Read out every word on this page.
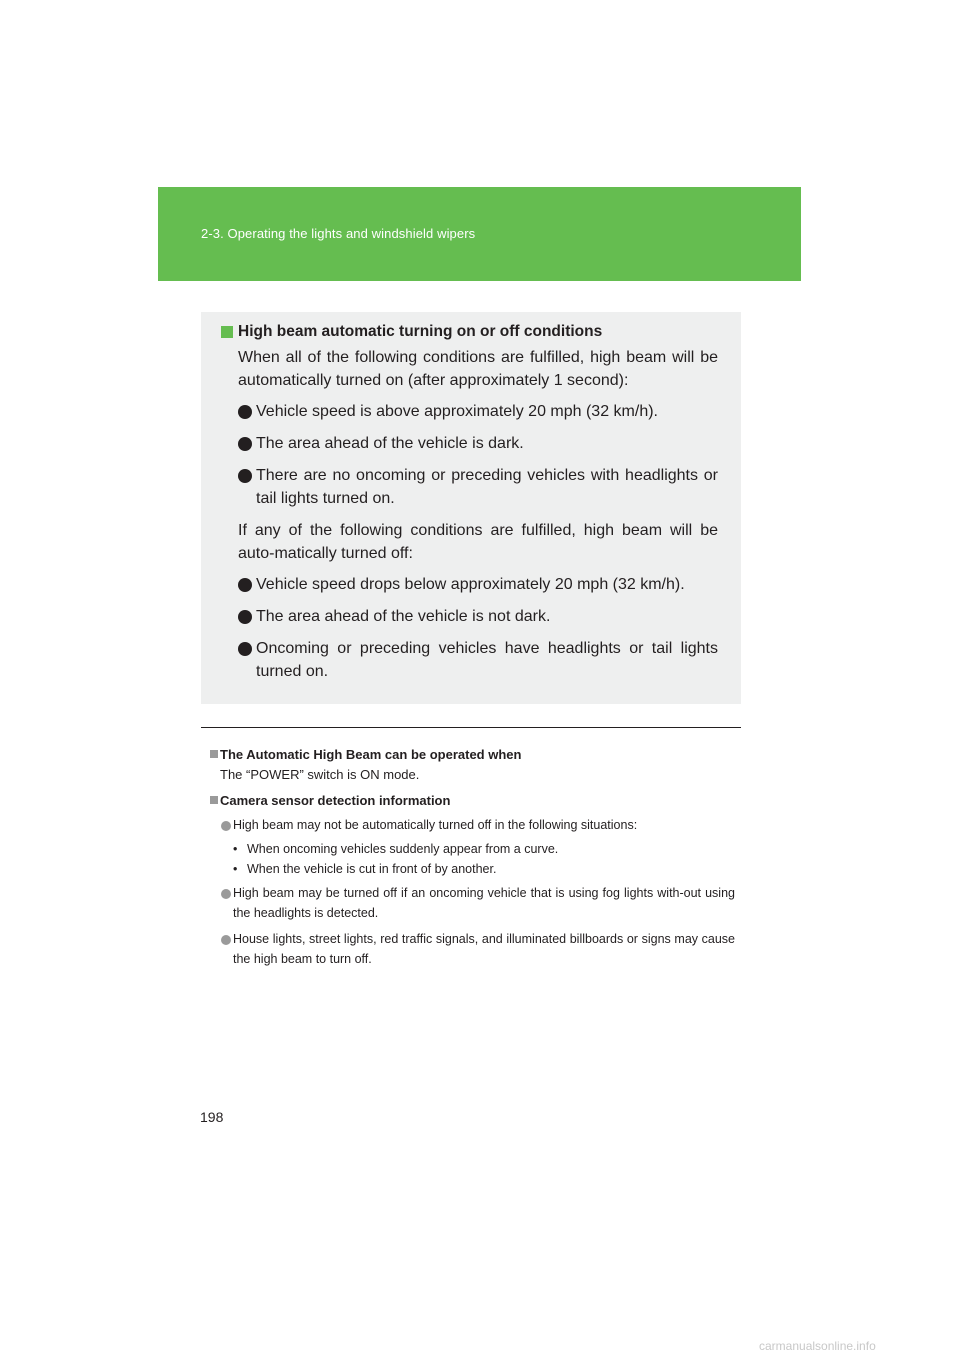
2-3. Operating the lights and windshield wipers
High beam automatic turning on or off conditions

When all of the following conditions are fulfilled, high beam will be automatically turned on (after approximately 1 second):

Vehicle speed is above approximately 20 mph (32 km/h).
The area ahead of the vehicle is dark.
There are no oncoming or preceding vehicles with headlights or tail lights turned on.

If any of the following conditions are fulfilled, high beam will be auto-matically turned off:

Vehicle speed drops below approximately 20 mph (32 km/h).
The area ahead of the vehicle is not dark.
Oncoming or preceding vehicles have headlights or tail lights turned on.
The Automatic High Beam can be operated when

The “POWER” switch is ON mode.

Camera sensor detection information
High beam may not be automatically turned off in the following situations:
• When oncoming vehicles suddenly appear from a curve.
• When the vehicle is cut in front of by another.
High beam may be turned off if an oncoming vehicle that is using fog lights with-out using the headlights is detected.
House lights, street lights, red traffic signals, and illuminated billboards or signs may cause the high beam to turn off.
198
carmanualsonline.info
